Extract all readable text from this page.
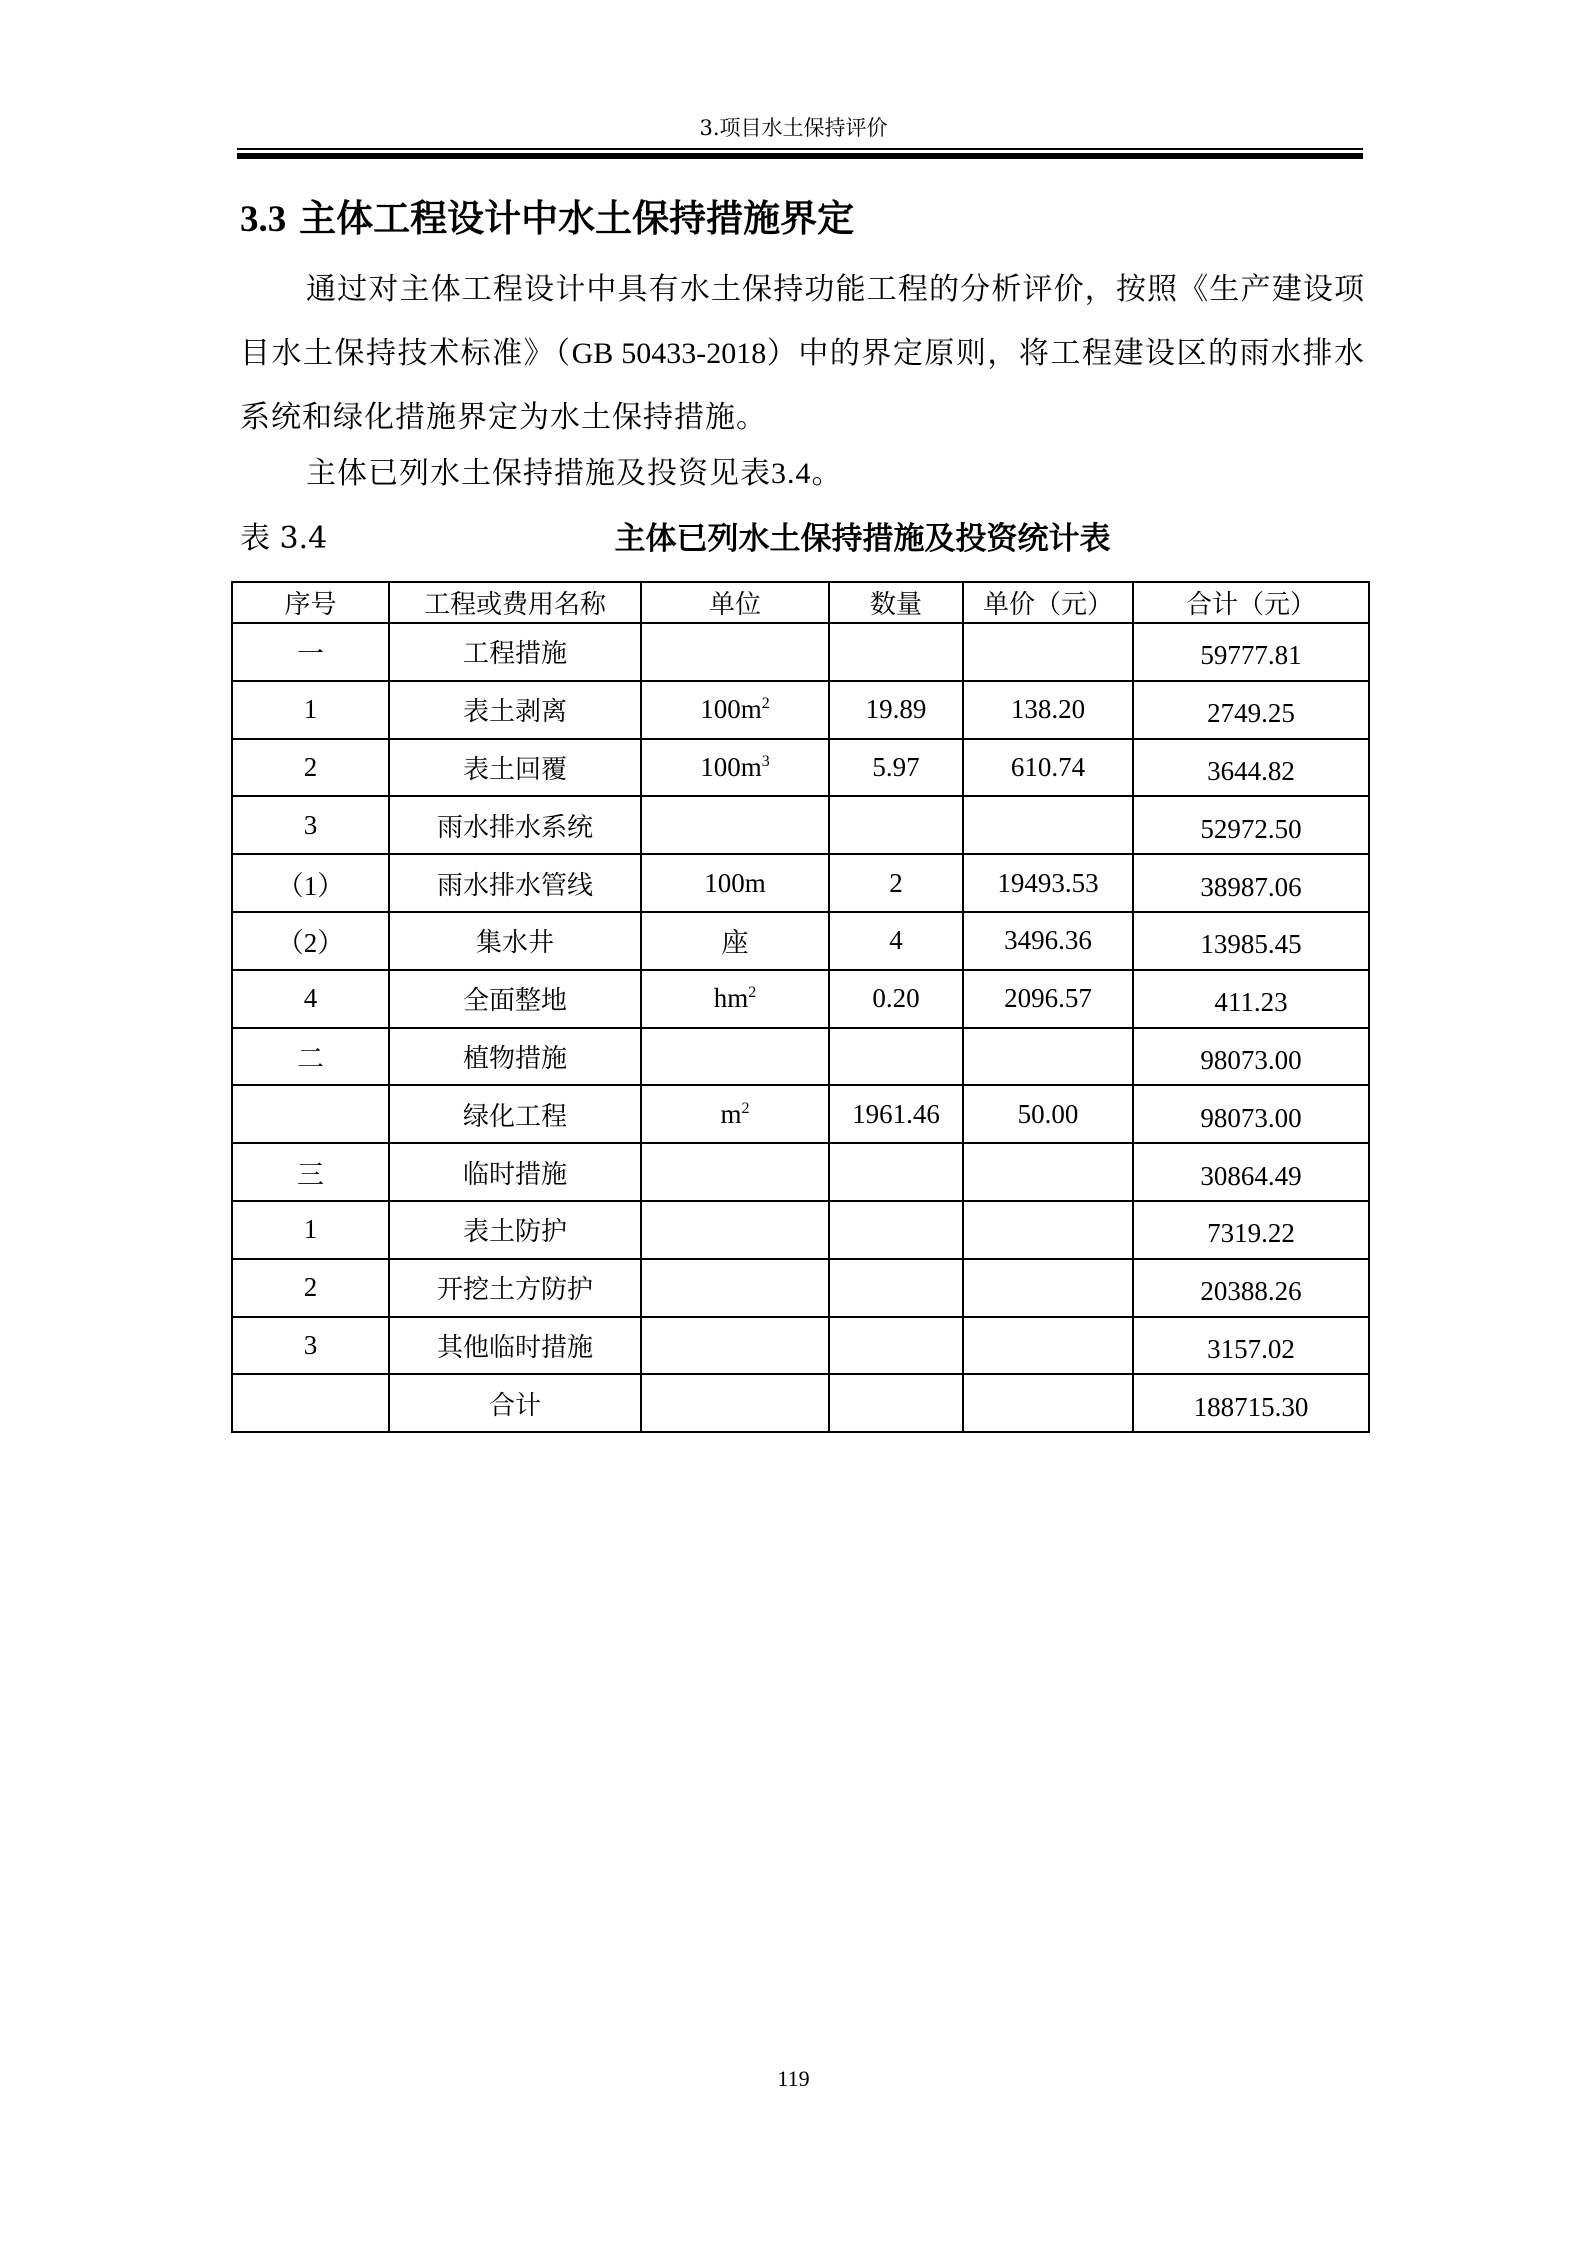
3.项目水土保持评价
3.3 主体工程设计中水土保持措施界定
通过对主体工程设计中具有水土保持功能工程的分析评价，按照《生产建设项目水土保持技术标准》（GB 50433-2018）中的界定原则，将工程建设区的雨水排水系统和绿化措施界定为水土保持措施。
主体已列水土保持措施及投资见表3.4。
表 3.4	主体已列水土保持措施及投资统计表
序号	工程或费用名称	单位	数量	单价（元）	合计（元）
一	工程措施				59777.81
1	表土剥离	$100m^2$	19.89	138.20	2749.25
2	表土回覆	$100m^3$	5.97	610.74	3644.82
3	雨水排水系统				52972.50
（1）	雨水排水管线	100m	2	19493.53	38987.06
（2）	集水井	座	4	3496.36	13985.45
4	全面整地	$hm^2$	0.20	2096.57	411.23
二	植物措施				98073.00
	绿化工程	$m^2$	1961.46	50.00	98073.00
三	临时措施				30864.49
1	表土防护				7319.22
2	开挖土方防护				20388.26
3	其他临时措施				3157.02
	合计				188715.30
119
